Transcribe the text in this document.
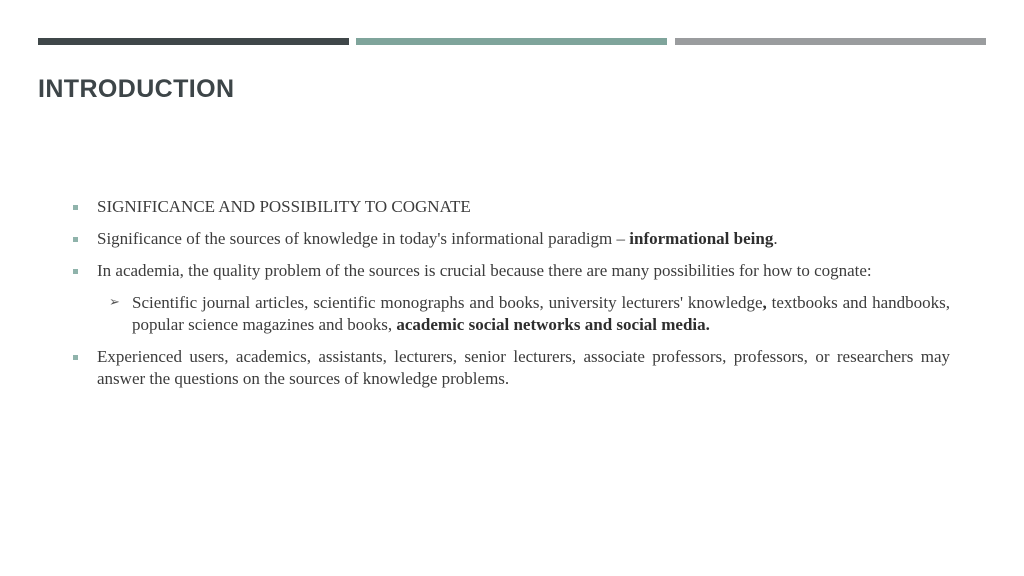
INTRODUCTION
SIGNIFICANCE AND POSSIBILITY TO COGNATE
Significance of the sources of knowledge in today's informational paradigm – informational being.
In academia, the quality problem of the sources is crucial because there are many possibilities for how to cognate:
➢ Scientific journal articles, scientific monographs and books, university lecturers' knowledge, textbooks and handbooks, popular science magazines and books, academic social networks and social media.
Experienced users, academics, assistants, lecturers, senior lecturers, associate professors, professors, or researchers may answer the questions on the sources of knowledge problems.
